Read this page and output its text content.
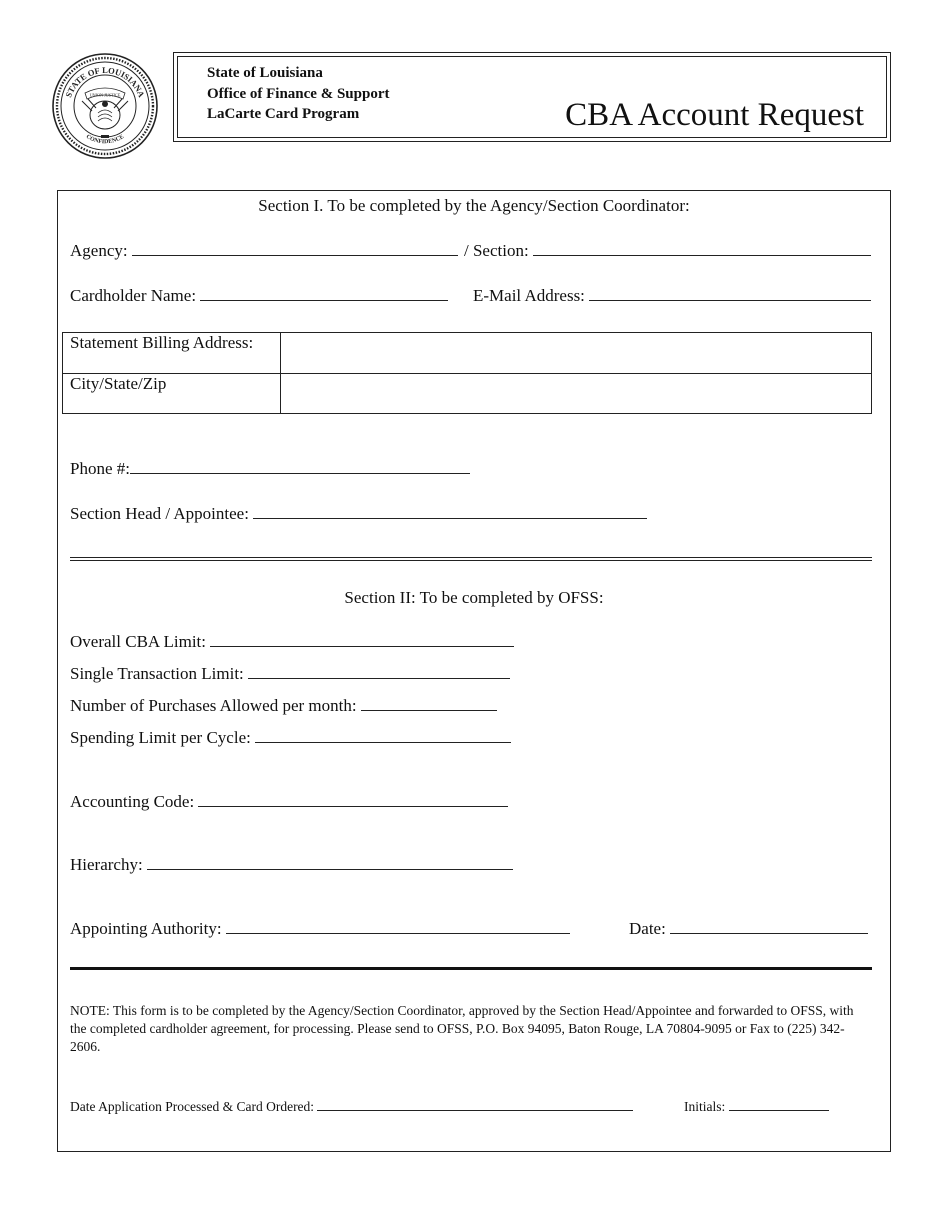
STATE OF LOUISIANA
CONFIDENCE
UNION JUSTICE
State of Louisiana
Office of Finance & Support
LaCarte Card Program	CBA Account Request
Section I. To be completed by the Agency/Section Coordinator:
Agency:	/ Section:
Cardholder Name:	E-Mail Address:
Statement Billing Address:
City/State/Zip
Phone #:
Section Head / Appointee:
Section II: To be completed by OFSS:
Overall CBA Limit:
Single Transaction Limit:
Number of Purchases Allowed per month:
Spending Limit per Cycle:
Accounting Code:
Hierarchy:
Appointing Authority:	Date:
NOTE: This form is to be completed by the Agency/Section Coordinator, approved by the Section Head/Appointee and forwarded to OFSS, with the completed cardholder agreement, for processing. Please send to OFSS, P.O. Box 94095, Baton Rouge, LA 70804-9095 or Fax to (225) 342-2606.
Date Application Processed & Card Ordered:	Initials:
